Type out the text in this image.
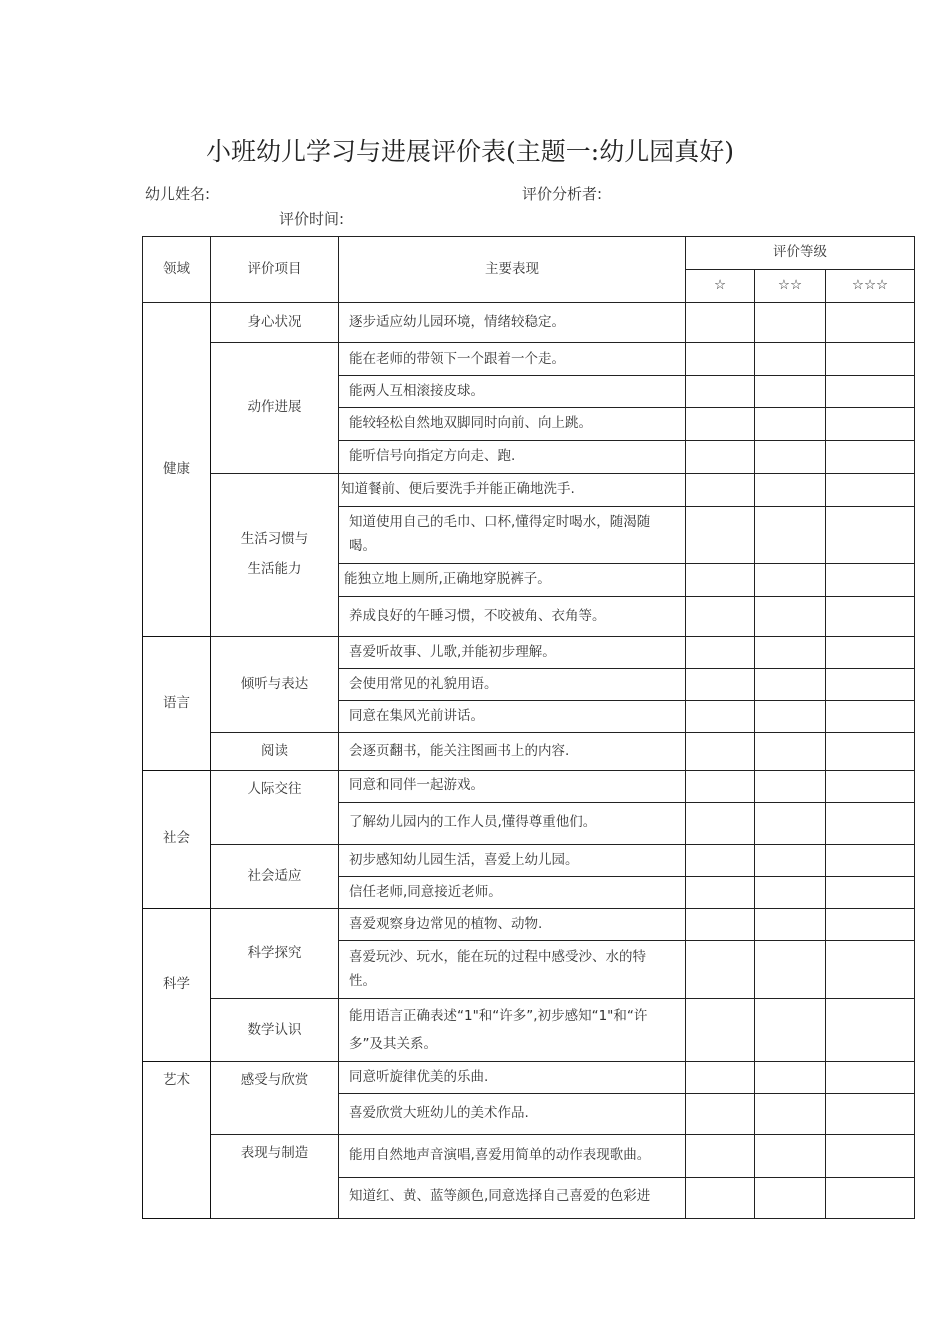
小班幼儿学习与进展评价表(主题一:幼儿园真好)
幼儿姓名:	评价分析者:
评价时间:
领域	评价项目	主要表现	评价等级		
			☆	☆☆	☆☆☆
健康	身心状况	逐步适应幼儿园环境，情绪较稳定。			
	动作进展	能在老师的带领下一个跟着一个走。			
		能两人互相滚接皮球。			
		能较轻松自然地双脚同时向前、向上跳。			
		能听信号向指定方向走、跑.			

	生活习惯与
生活能力	知道餐前、便后要洗手并能正确地洗手.			
		知道使用自己的毛巾、口杯,懂得定时喝水，随渴随喝。			
		能独立地上厕所,正确地穿脱裤子。			
		养成良好的午睡习惯，不咬被角、衣角等。			
语言	倾听与表达	喜爱听故事、儿歌,并能初步理解。			
		会使用常见的礼貌用语。			
		同意在集风光前讲话。			
	阅读	会逐页翻书，能关注图画书上的内容.			
社会	人际交往	同意和同伴一起游戏。			
		了解幼儿园内的工作人员,懂得尊重他们。			
	社会适应	初步感知幼儿园生活，喜爱上幼儿园。			
		信任老师,同意接近老师。			
科学	科学探究	喜爱观察身边常见的植物、动物.			
		喜爱玩沙、玩水，能在玩的过程中感受沙、水的特性。			
	数学认识	能用语言正确表述“1"和“许多”,初步感知“1"和“许多”及其关系。			
艺术	感受与欣赏	同意听旋律优美的乐曲.			
		喜爱欣赏大班幼儿的美术作品.			
	表现与制造	能用自然地声音演唱,喜爱用简单的动作表现歌曲。			
		知道红、黄、蓝等颜色,同意选择自己喜爱的色彩进			
